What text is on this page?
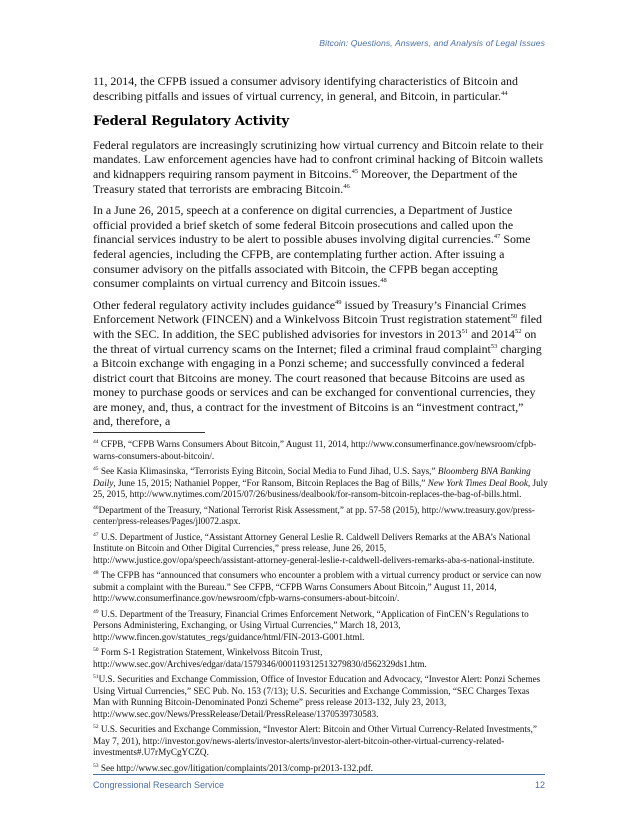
Bitcoin: Questions, Answers, and Analysis of Legal Issues

11, 2014, the CFPB issued a consumer advisory identifying characteristics of Bitcoin and describing pitfalls and issues of virtual currency, in general, and Bitcoin, in particular.$^{44}$

Federal Regulatory Activity

Federal regulators are increasingly scrutinizing how virtual currency and Bitcoin relate to their mandates. Law enforcement agencies have had to confront criminal hacking of Bitcoin wallets and kidnappers requiring ransom payment in Bitcoins.$^{45}$ Moreover, the Department of the Treasury stated that terrorists are embracing Bitcoin.$^{46}$

In a June 26, 2015, speech at a conference on digital currencies, a Department of Justice official provided a brief sketch of some federal Bitcoin prosecutions and called upon the financial services industry to be alert to possible abuses involving digital currencies.$^{47}$ Some federal agencies, including the CFPB, are contemplating further action. After issuing a consumer advisory on the pitfalls associated with Bitcoin, the CFPB began accepting consumer complaints on virtual currency and Bitcoin issues.$^{48}$

Other federal regulatory activity includes guidance$^{49}$ issued by Treasury’s Financial Crimes Enforcement Network (FINCEN) and a Winkelvoss Bitcoin Trust registration statement$^{50}$ filed with the SEC. In addition, the SEC published advisories for investors in 2013$^{51}$ and 2014$^{52}$ on the threat of virtual currency scams on the Internet; filed a criminal fraud complaint$^{53}$ charging a Bitcoin exchange with engaging in a Ponzi scheme; and successfully convinced a federal district court that Bitcoins are money. The court reasoned that because Bitcoins are used as money to purchase goods or services and can be exchanged for conventional currencies, they are money, and, thus, a contract for the investment of Bitcoins is an “investment contract,” and, therefore, a

$^{44}$ CFPB, “CFPB Warns Consumers About Bitcoin,” August 11, 2014, http://www.consumerfinance.gov/newsroom/cfpb-warns-consumers-about-bitcoin/.
$^{45}$ See Kasia Klimasinska, “Terrorists Eying Bitcoin, Social Media to Fund Jihad, U.S. Says,” Bloomberg BNA Banking Daily, June 15, 2015; Nathaniel Popper, “For Ransom, Bitcoin Replaces the Bag of Bills,” New York Times Deal Book, July 25, 2015, http://www.nytimes.com/2015/07/26/business/dealbook/for-ransom-bitcoin-replaces-the-bag-of-bills.html.
$^{46}$Department of the Treasury, “National Terrorist Risk Assessment,” at pp. 57-58 (2015), http://www.treasury.gov/press-center/press-releases/Pages/jl0072.aspx.
$^{47}$ U.S. Department of Justice, “Assistant Attorney General Leslie R. Caldwell Delivers Remarks at the ABA’s National Institute on Bitcoin and Other Digital Currencies,” press release, June 26, 2015, http://www.justice.gov/opa/speech/assistant-attorney-general-leslie-r-caldwell-delivers-remarks-aba-s-national-institute.
$^{48}$ The CFPB has “announced that consumers who encounter a problem with a virtual currency product or service can now submit a complaint with the Bureau.” See CFPB, “CFPB Warns Consumers About Bitcoin,” August 11, 2014, http://www.consumerfinance.gov/newsroom/cfpb-warns-consumers-about-bitcoin/.
$^{49}$ U.S. Department of the Treasury, Financial Crimes Enforcement Network, “Application of FinCEN’s Regulations to Persons Administering, Exchanging, or Using Virtual Currencies,” March 18, 2013, http://www.fincen.gov/statutes_regs/guidance/html/FIN-2013-G001.html.
$^{50}$ Form S-1 Registration Statement, Winkelvoss Bitcoin Trust, http://www.sec.gov/Archives/edgar/data/1579346/000119312513279830/d562329ds1.htm.
$^{51}$U.S. Securities and Exchange Commission, Office of Investor Education and Advocacy, “Investor Alert: Ponzi Schemes Using Virtual Currencies,” SEC Pub. No. 153 (7/13); U.S. Securities and Exchange Commission, “SEC Charges Texas Man with Running Bitcoin-Denominated Ponzi Scheme” press release 2013-132, July 23, 2013, http://www.sec.gov/News/PressRelease/Detail/PressRelease/1370539730583.
$^{52}$ U.S. Securities and Exchange Commission, “Investor Alert: Bitcoin and Other Virtual Currency-Related Investments,” May 7, 201), http://investor.gov/news-alerts/investor-alerts/investor-alert-bitcoin-other-virtual-currency-related-investments#.U7rMyCgYCZQ.
$^{53}$ See http://www.sec.gov/litigation/complaints/2013/comp-pr2013-132.pdf.
Congressional Research Service	12
